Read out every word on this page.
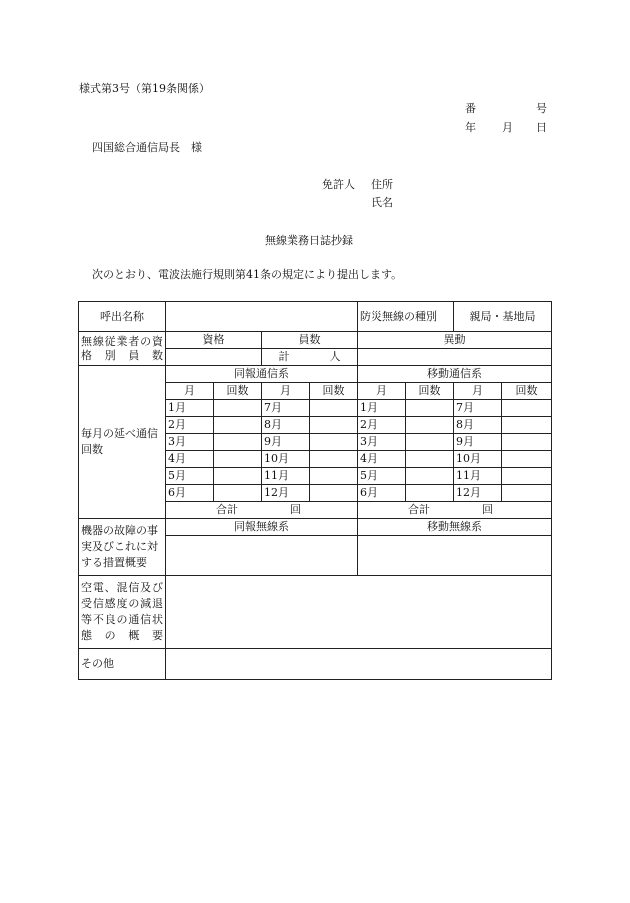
様式第3号（第19条関係）
番	号
年 月 日
四国総合通信局長　様
免許人 住所
氏名
無線業務日誌抄録
次のとおり、電波法施行規則第41条の規定により提出します。
呼出名称					防災無線の種別		親局・基地局	
無線従業者の資格別員数	資格		員数		異動			
			計 人					
毎月の延べ通信回数	同報通信系				移動通信系			
	月	回数	月	回数	月	回数	月	回数
	1月		7月		1月		7月	
	2月		8月		2月		8月	
	3月		9月		3月		9月	
	4月		10月		4月		10月	
	5月		11月		5月		11月	
	6月		12月		6月		12月	
	合計 回				合計 回			
機器の故障の事実及びこれに対する措置概要	同報無線系				移動無線系			

空電、混信及び受信感度の減退等不良の通信状態の概要								
その他								
